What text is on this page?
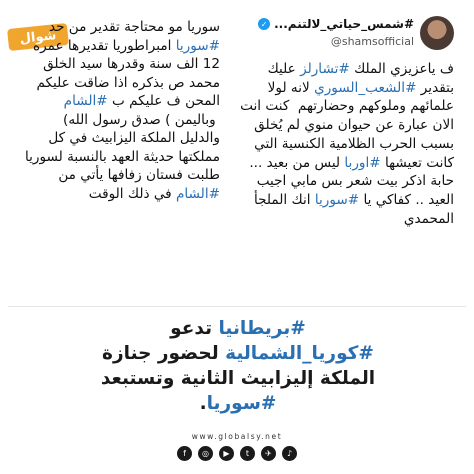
شوال
#شمس_حياتي_لالتنم...
✓
@shamsofficial
ف ياعزيزي الملك #تشارلز عليك بتقدير #الشعب_السوري لانه لولا علمائهم وملوكهم وحضارتهم  كنت انت الان عبارة عن حيوان منوي لم يُخلق بسبب الحرب الظلامية الكنسية التي كانت تعيشها #اوربا ليس من بعيد ... حابة اذكر بيت شعر بس مابي اجيب العيد .. كفاكي يا #سوريا انك الملجأ المحمدي
سوريا مو محتاجة تقدير من حد #سوريا امبراطوريا تقديرها عمره 12 الف سنة وقدرها سيد الخلق محمد ص بذكره اذا ضاقت عليكم المحن ف عليكم ب #الشام  وباليمن ) صدق رسول الله) والدليل الملكة اليزابيث في كل مملكتها حديثة العهد بالنسبة لسوريا طلبت فستان زفافها يأتي من #الشام في ذلك الوقت
#بريطانيا تدعو
#كوريا_الشمالية لحضور جنازة
الملكة إليزابيث الثانية وتستبعد
#سوريا.
www.globalsy.net
f	◎	▶	t	✈	♪
